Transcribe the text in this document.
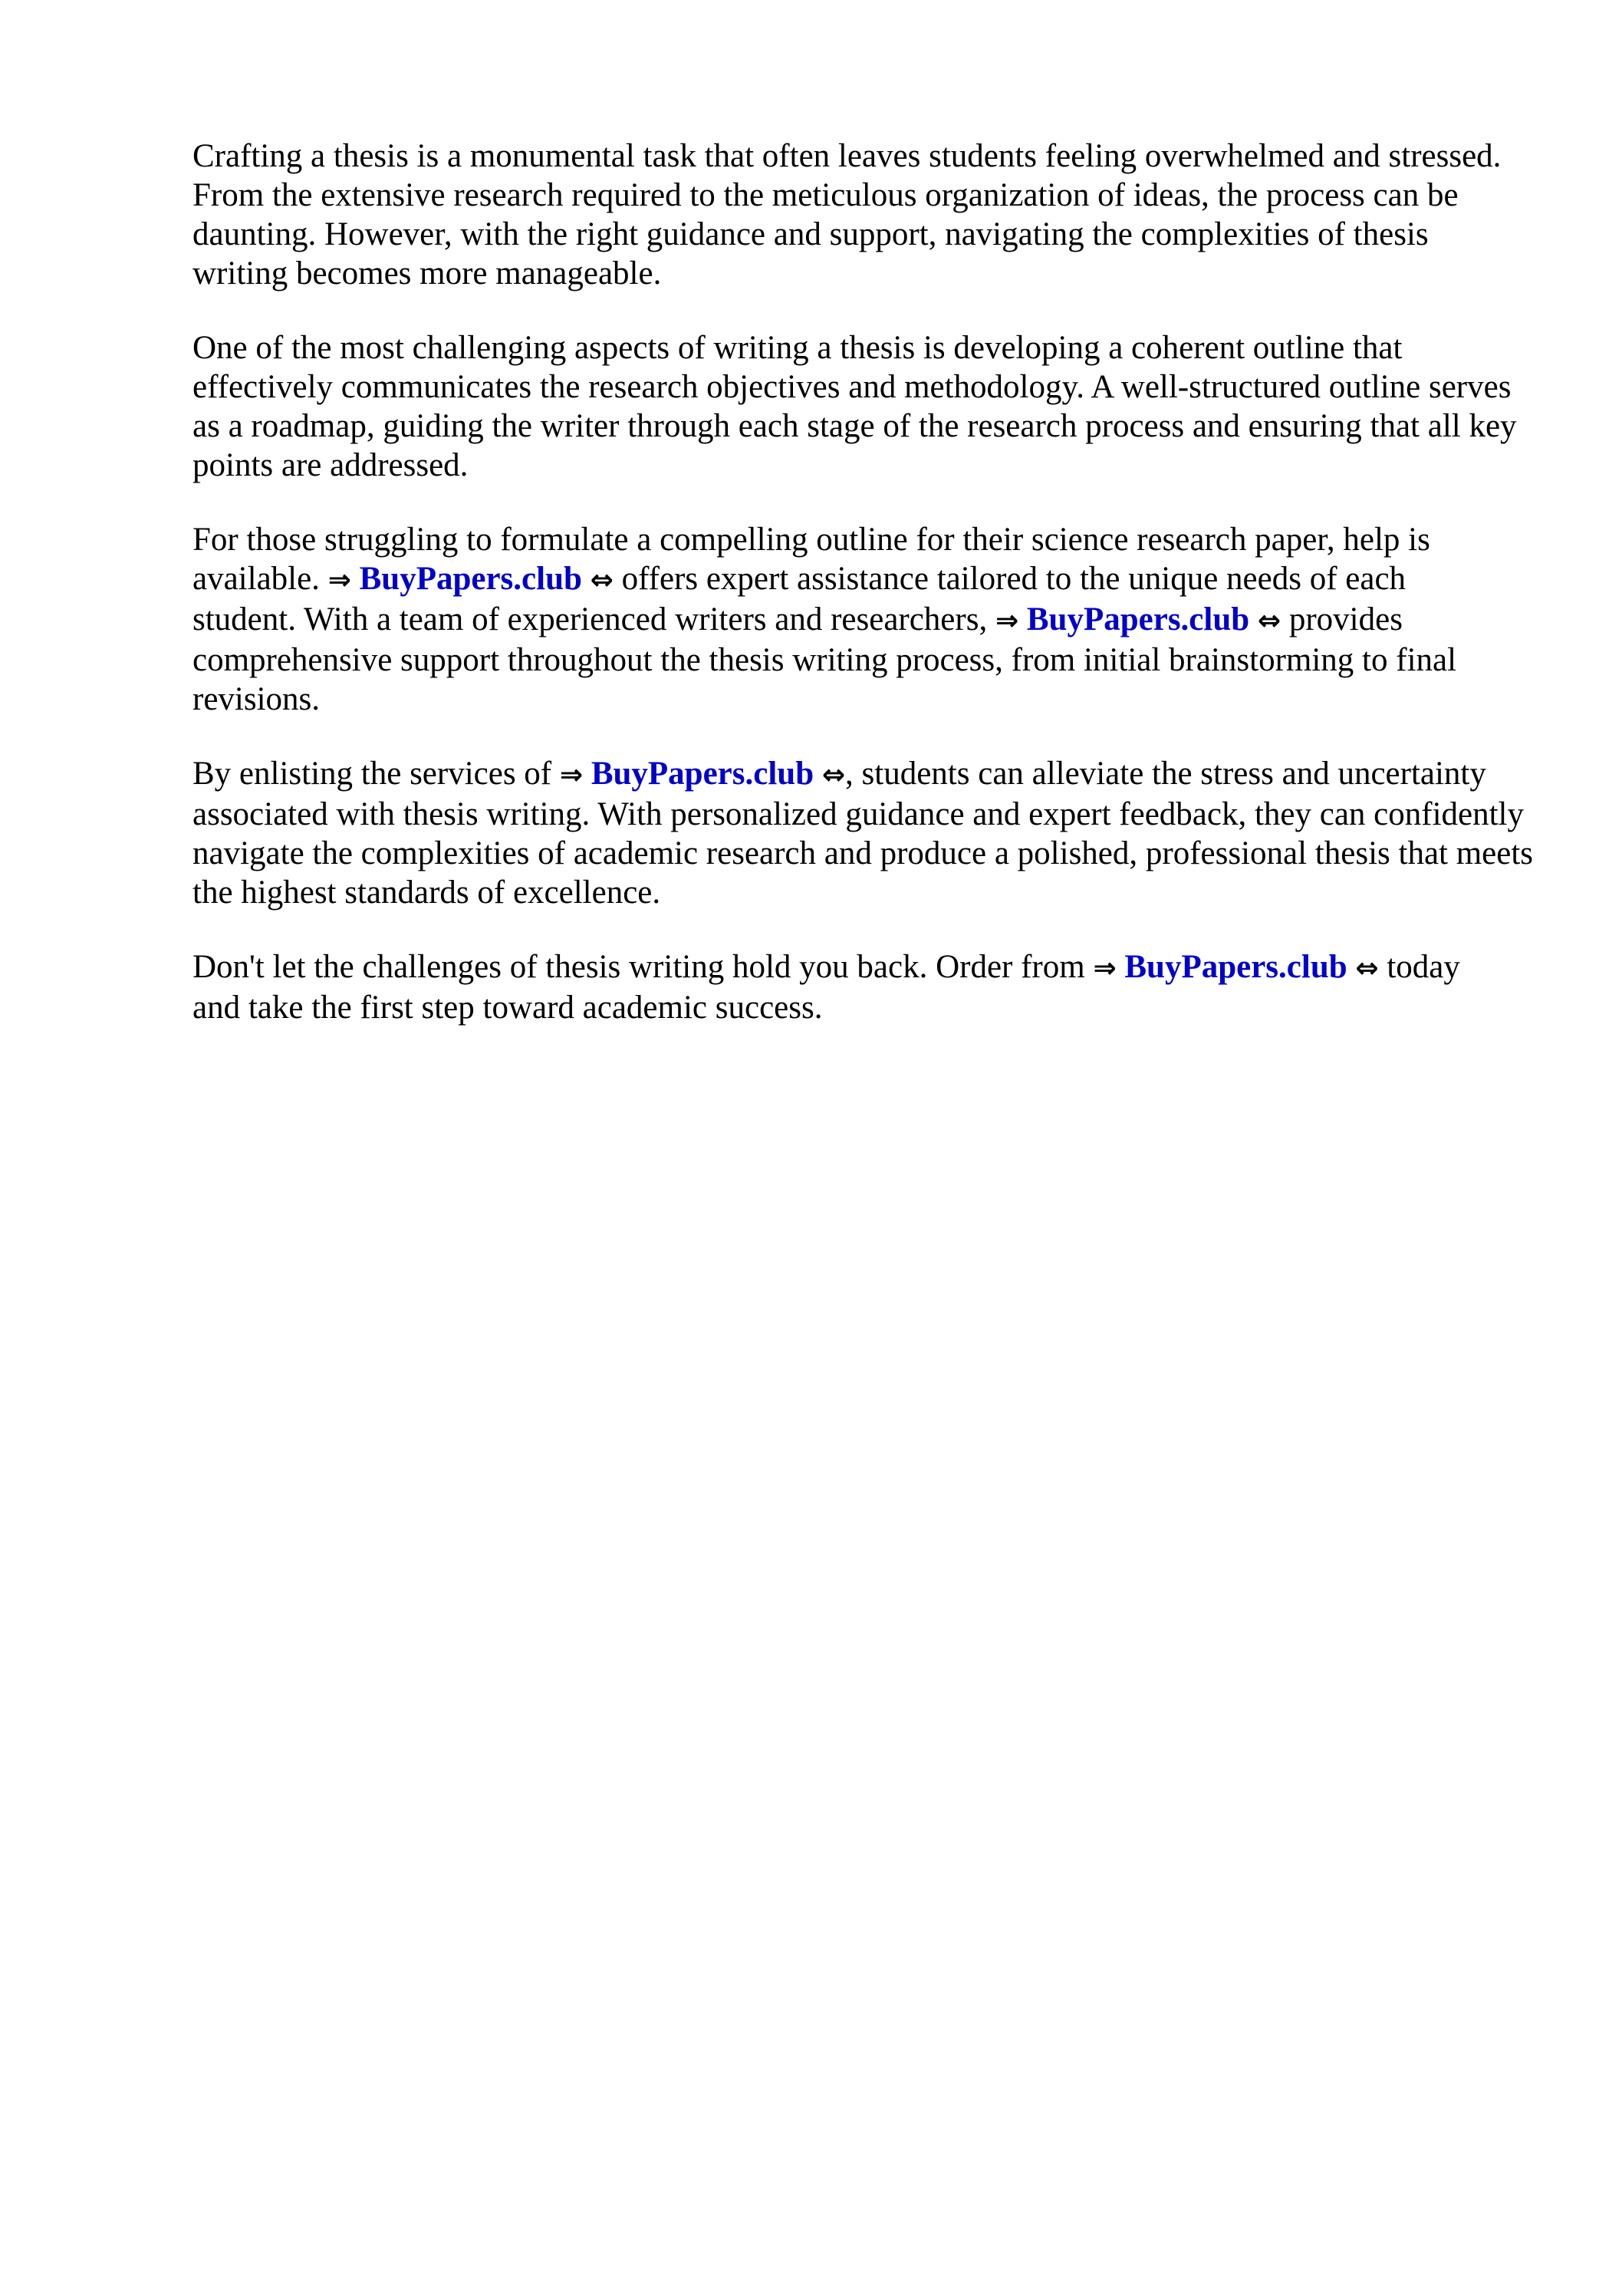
Crafting a thesis is a monumental task that often leaves students feeling overwhelmed and stressed.
From the extensive research required to the meticulous organization of ideas, the process can be
daunting. However, with the right guidance and support, navigating the complexities of thesis
writing becomes more manageable.

One of the most challenging aspects of writing a thesis is developing a coherent outline that
effectively communicates the research objectives and methodology. A well-structured outline serves
as a roadmap, guiding the writer through each stage of the research process and ensuring that all key
points are addressed.

For those struggling to formulate a compelling outline for their science research paper, help is
available. ⇒ BuyPapers.club ⇔ offers expert assistance tailored to the unique needs of each
student. With a team of experienced writers and researchers, ⇒ BuyPapers.club ⇔ provides
comprehensive support throughout the thesis writing process, from initial brainstorming to final
revisions.

By enlisting the services of ⇒ BuyPapers.club ⇔, students can alleviate the stress and uncertainty
associated with thesis writing. With personalized guidance and expert feedback, they can confidently
navigate the complexities of academic research and produce a polished, professional thesis that meets
the highest standards of excellence.

Don't let the challenges of thesis writing hold you back. Order from ⇒ BuyPapers.club ⇔ today
and take the first step toward academic success.
